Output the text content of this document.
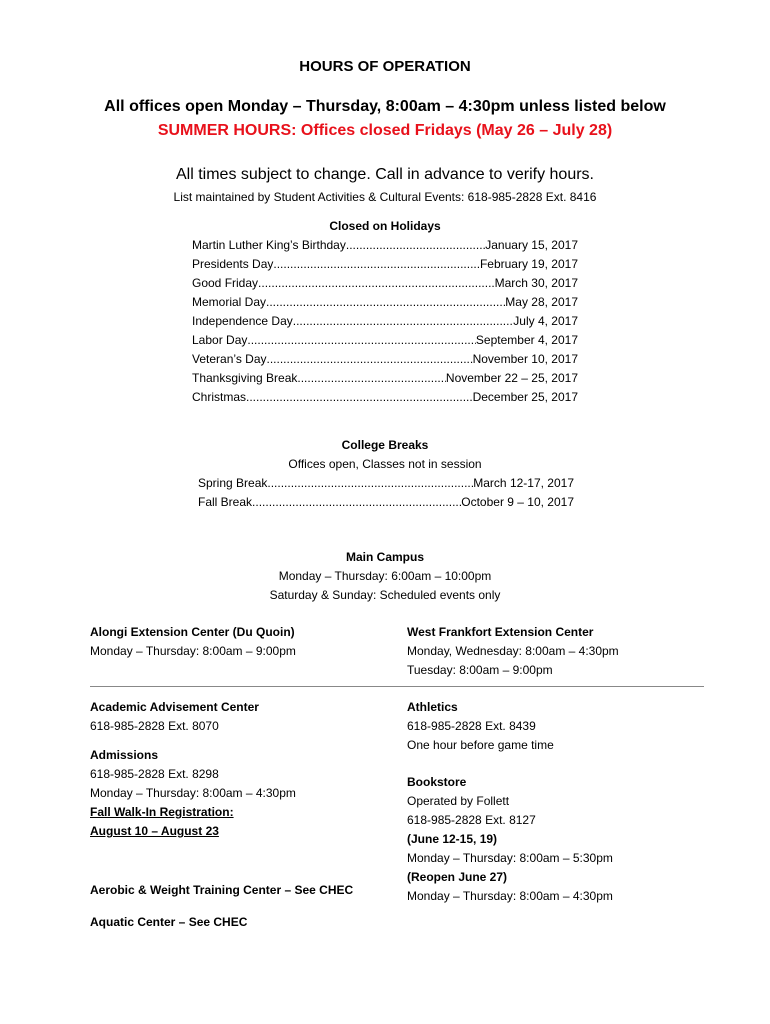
HOURS OF OPERATION
All offices open Monday – Thursday, 8:00am – 4:30pm unless listed below
SUMMER HOURS: Offices closed Fridays (May 26 – July 28)
All times subject to change. Call in advance to verify hours.
List maintained by Student Activities & Cultural Events: 618-985-2828 Ext. 8416
Closed on Holidays
Martin Luther King’s Birthday .....	January 15, 2017
Presidents Day .....	February 19, 2017
Good Friday .....	March 30, 2017
Memorial Day .....	May 28, 2017
Independence Day .....	July 4, 2017
Labor Day .....	September 4, 2017
Veteran’s Day .....	November 10, 2017
Thanksgiving Break .....	November 22 – 25, 2017
Christmas .....	December 25, 2017
College Breaks
Offices open, Classes not in session
Spring Break .....	March 12-17, 2017
Fall Break .....	October 9 – 10, 2017
Main Campus
Monday – Thursday: 6:00am – 10:00pm
Saturday & Sunday: Scheduled events only
Alongi Extension Center (Du Quoin)
Monday – Thursday: 8:00am – 9:00pm
West Frankfort Extension Center
Monday, Wednesday: 8:00am – 4:30pm
Tuesday: 8:00am – 9:00pm
Academic Advisement Center
618-985-2828 Ext. 8070
Admissions
618-985-2828 Ext. 8298
Monday – Thursday: 8:00am – 4:30pm
Fall Walk-In Registration:
August 10 – August 23
Aerobic & Weight Training Center – See CHEC
Aquatic Center – See CHEC
Athletics
618-985-2828 Ext. 8439
One hour before game time
Bookstore
Operated by Follett
618-985-2828 Ext. 8127
(June 12-15, 19)
Monday – Thursday: 8:00am – 5:30pm
(Reopen June 27)
Monday – Thursday: 8:00am – 4:30pm
